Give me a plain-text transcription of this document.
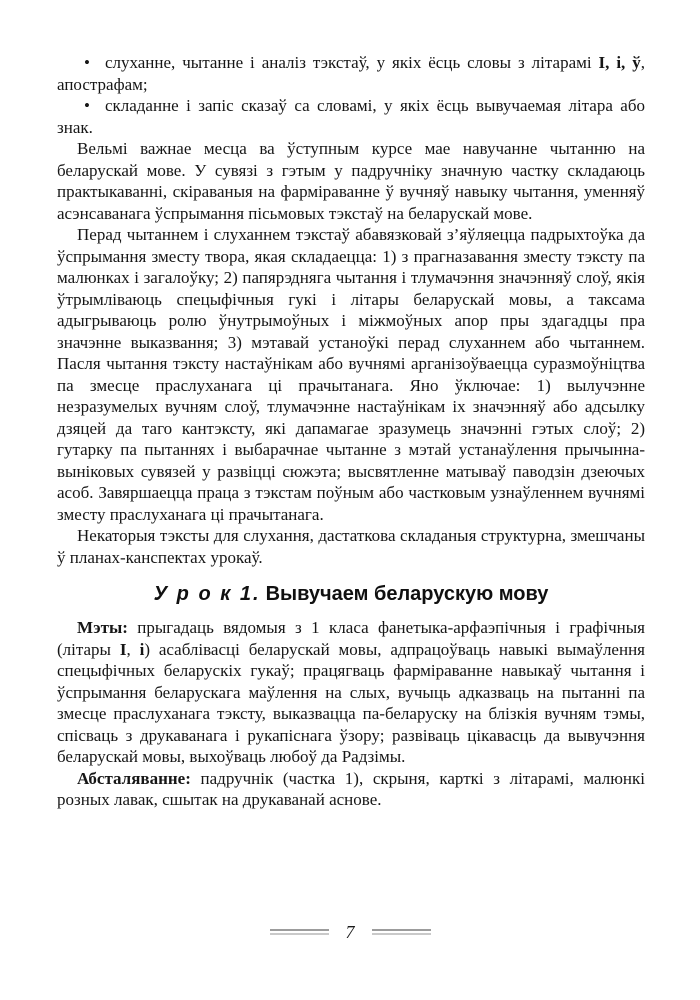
• слуханне, чытанне і аналіз тэкстаў, у якіх ёсць словы з літарамі І, і, ў, апострафам;

• складанне і запіс сказаў са словамі, у якіх ёсць вывучаемая літара або знак.

Вельмі важнае месца ва ўступным курсе мае навучанне чытанню на беларускай мове. У сувязі з гэтым у падручніку значную частку складаюць практыкаванні, скіраваныя на фарміраванне ў вучняў навыку чытання, уменняў асэнсаванага ўспрымання пісьмовых тэкстаў на беларускай мове.

Перад чытаннем і слуханнем тэкстаў абавязковай з’яўляецца падрыхтоўка да ўспрымання зместу твора, якая складаецца: 1) з прагназавання зместу тэксту па малюнках і загалоўку; 2) папярэдняга чытання і тлумачэння значэнняў слоў, якія ўтрымліваюць спецыфічныя гукі і літары беларускай мовы, а таксама адыгрываюць ролю ўнутрымоўных і міжмоўных апор пры здагадцы пра значэнне выказвання; 3) мэтавай устаноўкі перад слуханнем або чытаннем. Пасля чытання тэксту настаўнікам або вучнямі арганізоўваецца суразмоўніцтва па змесце праслуханага ці прачытанага. Яно ўключае: 1) вылучэнне незразумелых вучням слоў, тлумачэнне настаўнікам іх значэнняў або адсылку дзяцей да таго кантэксту, які дапамагае зразумець значэнні гэтых слоў; 2) гутарку па пытаннях і выбарачнае чытанне з мэтай устанаўлення прычынна-выніковых сувязей у развіцці сюжэта; высвятленне матываў паводзін дзеючых асоб. Завяршаецца праца з тэкстам поўным або частковым узнаўленнем вучнямі зместу праслуханага ці прачытанага.

Некаторыя тэксты для слухання, дастаткова складаныя структурна, змешчаны ў планах-канспектах урокаў.

У р о к 1. Вывучаем беларускую мову

Мэты: прыгадаць вядомыя з 1 класа фанетыка-арфаэпічныя і графічныя (літары І, і) асаблівасці беларускай мовы, адпрацоўваць навыкі вымаўлення спецыфічных беларускіх гукаў; працягваць фарміраванне навыкаў чытання і ўспрымання беларускага маўлення на слых, вучыць адказваць на пытанні па змесце праслуханага тэксту, выказвацца па-беларуску на блізкія вучням тэмы, спісваць з друкаванага і рукапіснага ўзору; развіваць цікавасць да вывучэння беларускай мовы, выхоўваць любоў да Радзімы.

Абсталяванне: падручнік (частка 1), скрыня, карткі з літарамі, малюнкі розных лавак, сшытак на друкаванай аснове.

7
